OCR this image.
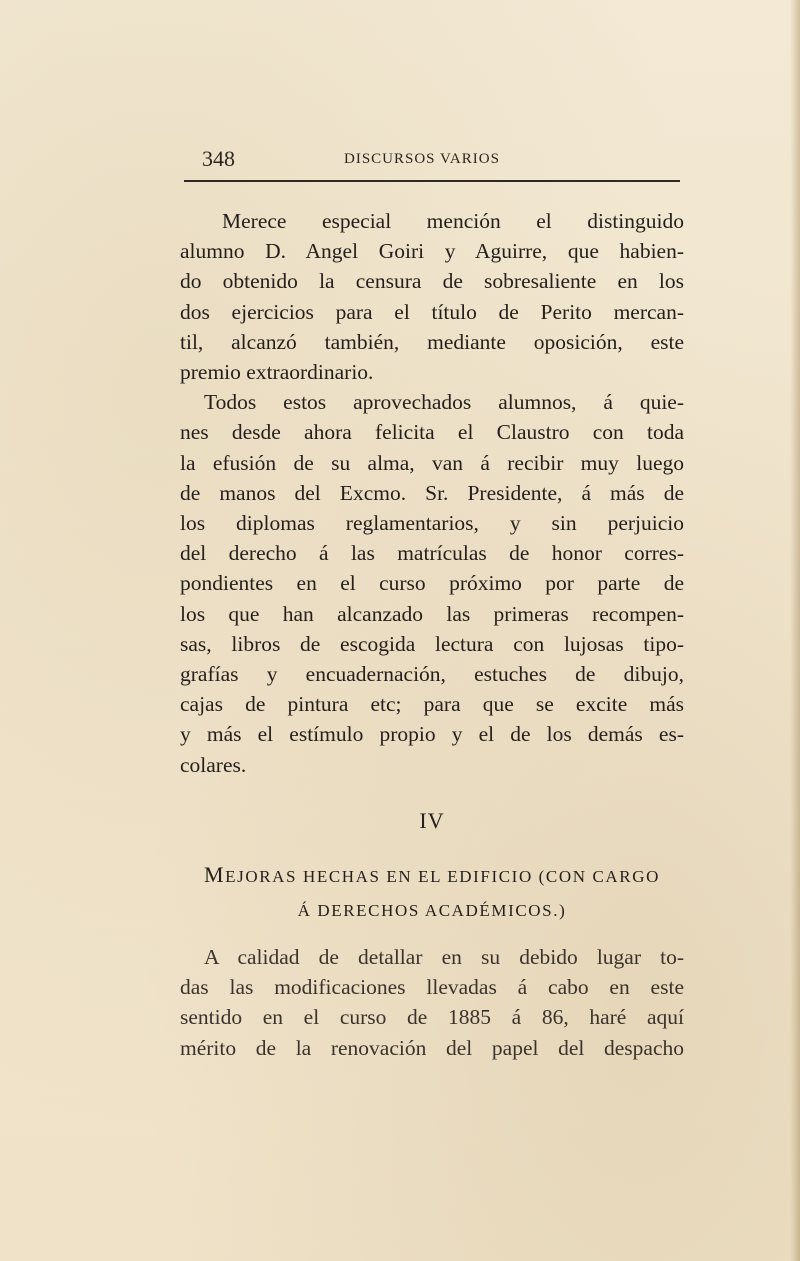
348	DISCURSOS VARIOS
Merece especial mención el distinguido
alumno D. Angel Goiri y Aguirre, que habien-
do obtenido la censura de sobresaliente en los
dos ejercicios para el título de Perito mercan-
til, alcanzó también, mediante oposición, este
premio extraordinario.
Todos estos aprovechados alumnos, á quie-
nes desde ahora felicita el Claustro con toda
la efusión de su alma, van á recibir muy luego
de manos del Excmo. Sr. Presidente, á más de
los diplomas reglamentarios, y sin perjuicio
del derecho á las matrículas de honor corres-
pondientes en el curso próximo por parte de
los que han alcanzado las primeras recompen-
sas, libros de escogida lectura con lujosas tipo-
grafías y encuadernación, estuches de dibujo,
cajas de pintura etc; para que se excite más
y más el estímulo propio y el de los demás es-
colares.
IV
MEJORAS HECHAS EN EL EDIFICIO (CON CARGO
Á DERECHOS ACADÉMICOS.)
A calidad de detallar en su debido lugar to-
das las modificaciones llevadas á cabo en este
sentido en el curso de 1885 á 86, haré aquí
mérito de la renovación del papel del despacho
